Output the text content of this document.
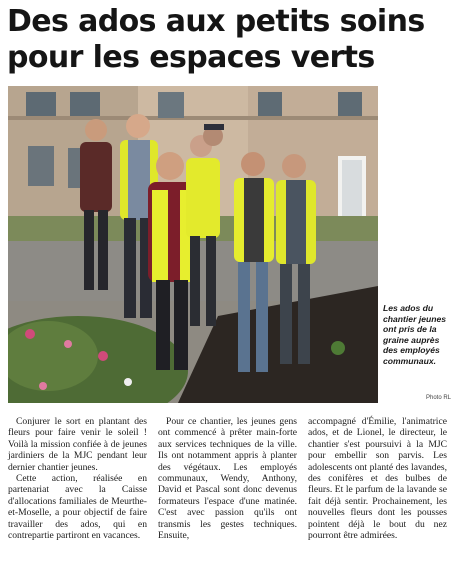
Des ados aux petits soins pour les espaces verts
Les ados du chantier jeunes ont pris de la graine auprès des employés communaux.
Photo RL

Conjurer le sort en plantant des fleurs pour faire venir le soleil ! Voilà la mission confiée à de jeunes jardiniers de la MJC pendant leur dernier chantier jeunes.

Cette action, réalisée en partenariat avec la Caisse d'allocations familiales de Meurthe-et-Moselle, a pour objectif de faire travailler des ados, qui en contrepartie partiront en vacances.

Pour ce chantier, les jeunes gens ont commencé à prêter main-forte aux services techniques de la ville. Ils ont notamment appris à planter des végétaux. Les employés communaux, Wendy, Anthony, David et Pascal sont donc devenus formateurs l'espace d'une matinée. C'est avec passion qu'ils ont transmis les gestes techniques. Ensuite,

accompagné d'Émilie, l'animatrice ados, et de Lionel, le directeur, le chantier s'est poursuivi à la MJC pour embellir son parvis. Les adolescents ont planté des lavandes, des conifères et des bulbes de fleurs. Et le parfum de la lavande se fait déjà sentir. Prochainement, les nouvelles fleurs dont les pousses pointent déjà le bout du nez pourront être admirées.
